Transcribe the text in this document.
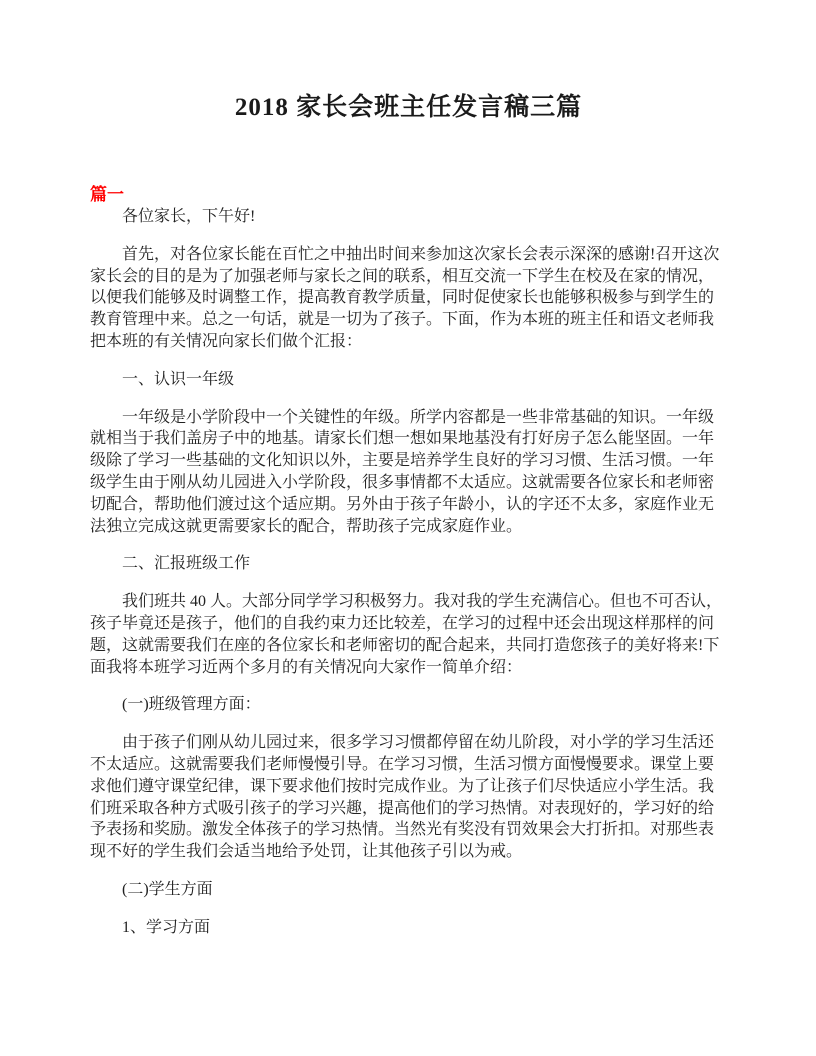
2018 家长会班主任发言稿三篇
篇一

各位家长，下午好!

首先，对各位家长能在百忙之中抽出时间来参加这次家长会表示深深的感谢!召开这次家长会的目的是为了加强老师与家长之间的联系，相互交流一下学生在校及在家的情况，以便我们能够及时调整工作，提高教育教学质量，同时促使家长也能够积极参与到学生的教育管理中来。总之一句话，就是一切为了孩子。下面，作为本班的班主任和语文老师我把本班的有关情况向家长们做个汇报：

一、认识一年级

一年级是小学阶段中一个关键性的年级。所学内容都是一些非常基础的知识。一年级就相当于我们盖房子中的地基。请家长们想一想如果地基没有打好房子怎么能坚固。一年级除了学习一些基础的文化知识以外，主要是培养学生良好的学习习惯、生活习惯。一年级学生由于刚从幼儿园进入小学阶段，很多事情都不太适应。这就需要各位家长和老师密切配合，帮助他们渡过这个适应期。另外由于孩子年龄小，认的字还不太多，家庭作业无法独立完成这就更需要家长的配合，帮助孩子完成家庭作业。

二、汇报班级工作

我们班共 40 人。大部分同学学习积极努力。我对我的学生充满信心。但也不可否认，孩子毕竟还是孩子，他们的自我约束力还比较差，在学习的过程中还会出现这样那样的问题，这就需要我们在座的各位家长和老师密切的配合起来，共同打造您孩子的美好将来!下面我将本班学习近两个多月的有关情况向大家作一简单介绍：

(一)班级管理方面：

由于孩子们刚从幼儿园过来，很多学习习惯都停留在幼儿阶段，对小学的学习生活还不太适应。这就需要我们老师慢慢引导。在学习习惯，生活习惯方面慢慢要求。课堂上要求他们遵守课堂纪律，课下要求他们按时完成作业。为了让孩子们尽快适应小学生活。我们班采取各种方式吸引孩子的学习兴趣，提高他们的学习热情。对表现好的，学习好的给予表扬和奖励。激发全体孩子的学习热情。当然光有奖没有罚效果会大打折扣。对那些表现不好的学生我们会适当地给予处罚，让其他孩子引以为戒。

(二)学生方面

1、学习方面
